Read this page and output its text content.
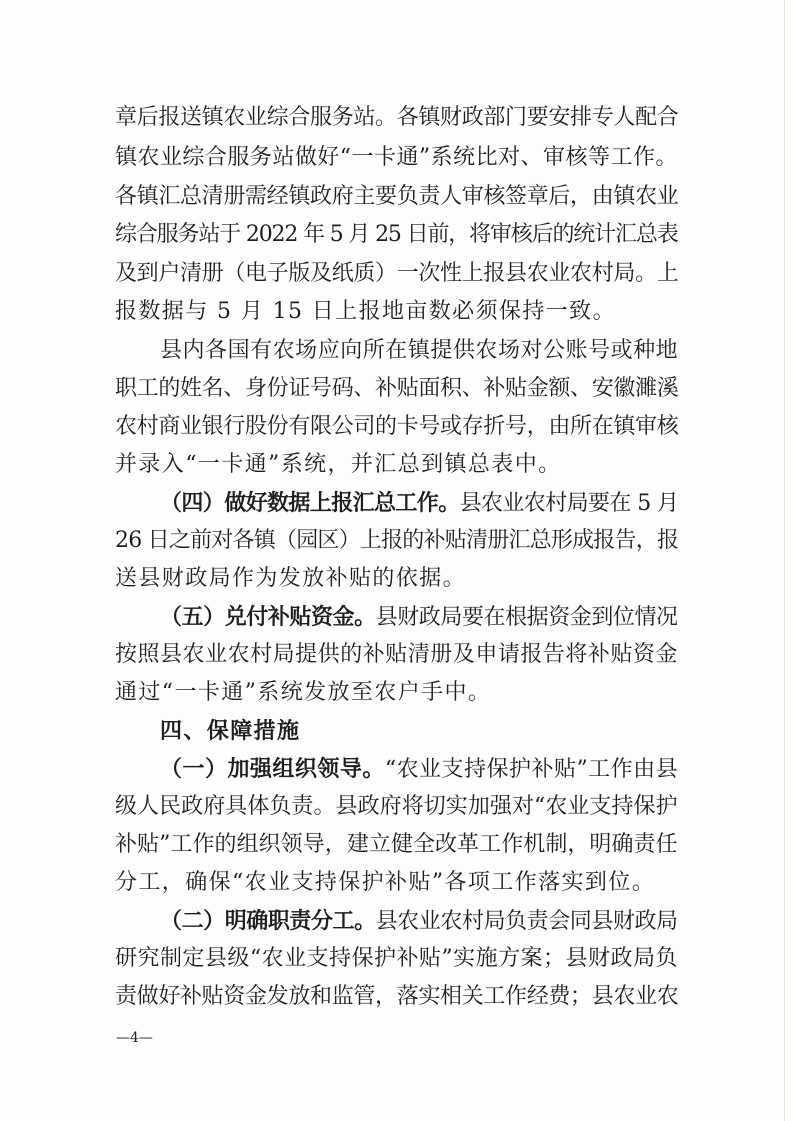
章后报送镇农业综合服务站。各镇财政部门要安排专人配合
镇农业综合服务站做好“一卡通”系统比对、审核等工作。
各镇汇总清册需经镇政府主要负责人审核签章后，由镇农业
综合服务站于 2022 年 5 月 25 日前，将审核后的统计汇总表
及到户清册（电子版及纸质）一次性上报县农业农村局。上
报数据与 5 月 15 日上报地亩数必须保持一致。
县内各国有农场应向所在镇提供农场对公账号或种地
职工的姓名、身份证号码、补贴面积、补贴金额、安徽濉溪
农村商业银行股份有限公司的卡号或存折号，由所在镇审核
并录入“一卡通”系统，并汇总到镇总表中。
（四）做好数据上报汇总工作。县农业农村局要在 5 月
26 日之前对各镇（园区）上报的补贴清册汇总形成报告，报
送县财政局作为发放补贴的依据。
（五）兑付补贴资金。县财政局要在根据资金到位情况
按照县农业农村局提供的补贴清册及申请报告将补贴资金
通过“一卡通”系统发放至农户手中。
四、保障措施
（一）加强组织领导。“农业支持保护补贴”工作由县
级人民政府具体负责。县政府将切实加强对“农业支持保护
补贴”工作的组织领导，建立健全改革工作机制，明确责任
分工，确保“农业支持保护补贴”各项工作落实到位。
（二）明确职责分工。县农业农村局负责会同县财政局
研究制定县级“农业支持保护补贴”实施方案；县财政局负
责做好补贴资金发放和监管，落实相关工作经费；县农业农
—4—
